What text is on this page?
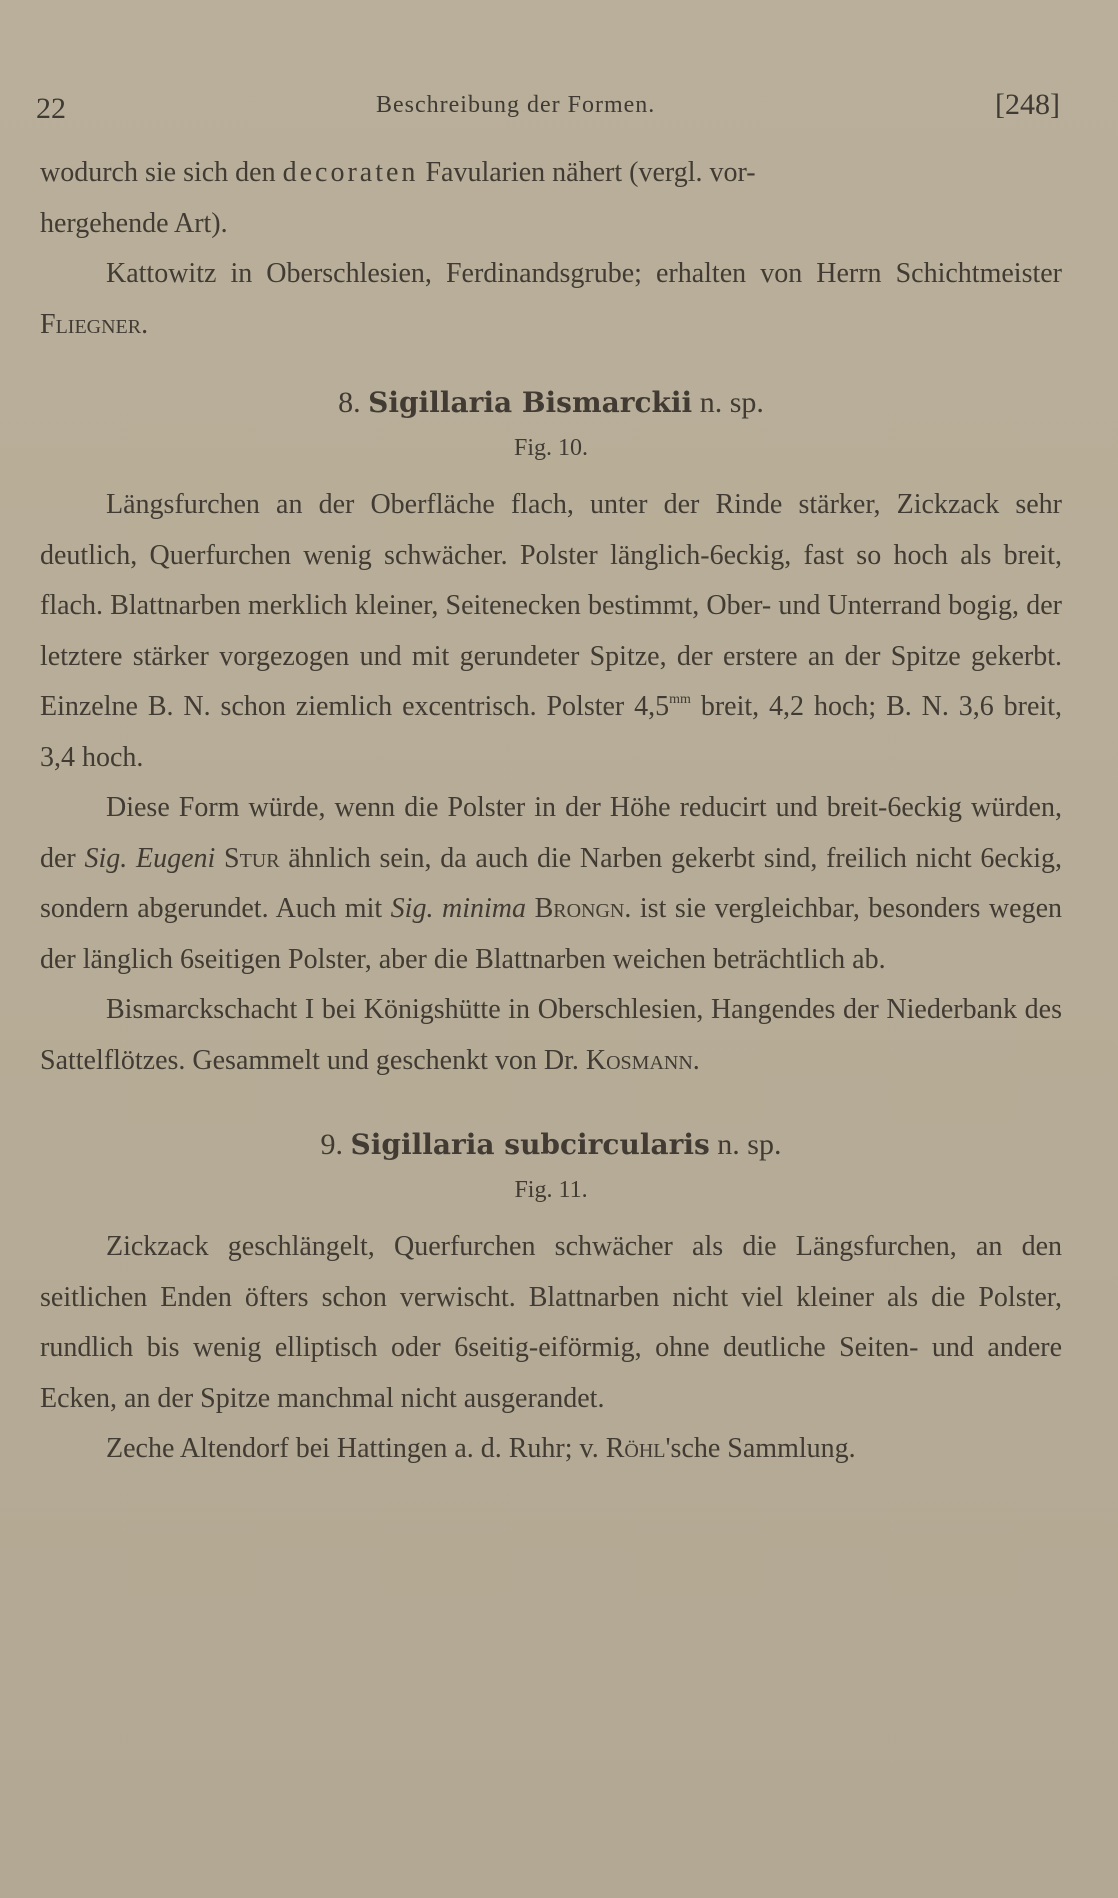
22	Beschreibung der Formen.	[248]

wodurch sie sich den decoraten Favularien nähert (vergl. vor-
hergehende Art).

Kattowitz in Oberschlesien, Ferdinandsgrube; erhalten von Herrn Schichtmeister Fliegner.

8. Sigillaria Bismarckii n. sp.
Fig. 10.

Längsfurchen an der Oberfläche flach, unter der Rinde stärker, Zickzack sehr deutlich, Querfurchen wenig schwächer. Polster länglich-6eckig, fast so hoch als breit, flach. Blattnarben merklich kleiner, Seitenecken bestimmt, Ober- und Unterrand bogig, der letztere stärker vorgezogen und mit gerundeter Spitze, der erstere an der Spitze gekerbt. Einzelne B. N. schon ziemlich excentrisch. Polster $4,5^{mm}$ breit, 4,2 hoch; B. N. 3,6 breit, 3,4 hoch.

Diese Form würde, wenn die Polster in der Höhe reducirt und breit-6eckig würden, der Sig. Eugeni Stur ähnlich sein, da auch die Narben gekerbt sind, freilich nicht 6eckig, sondern abgerundet. Auch mit Sig. minima Brongn. ist sie vergleichbar, besonders wegen der länglich 6seitigen Polster, aber die Blattnarben weichen beträchtlich ab.

Bismarckschacht I bei Königshütte in Oberschlesien, Hangendes der Niederbank des Sattelflötzes. Gesammelt und geschenkt von Dr. Kosmann.

9. Sigillaria subcircularis n. sp.
Fig. 11.

Zickzack geschlängelt, Querfurchen schwächer als die Längsfurchen, an den seitlichen Enden öfters schon verwischt. Blattnarben nicht viel kleiner als die Polster, rundlich bis wenig elliptisch oder 6seitig-eiförmig, ohne deutliche Seiten- und andere Ecken, an der Spitze manchmal nicht ausgerandet.

Zeche Altendorf bei Hattingen a. d. Ruhr; v. Röhl'sche Sammlung.
